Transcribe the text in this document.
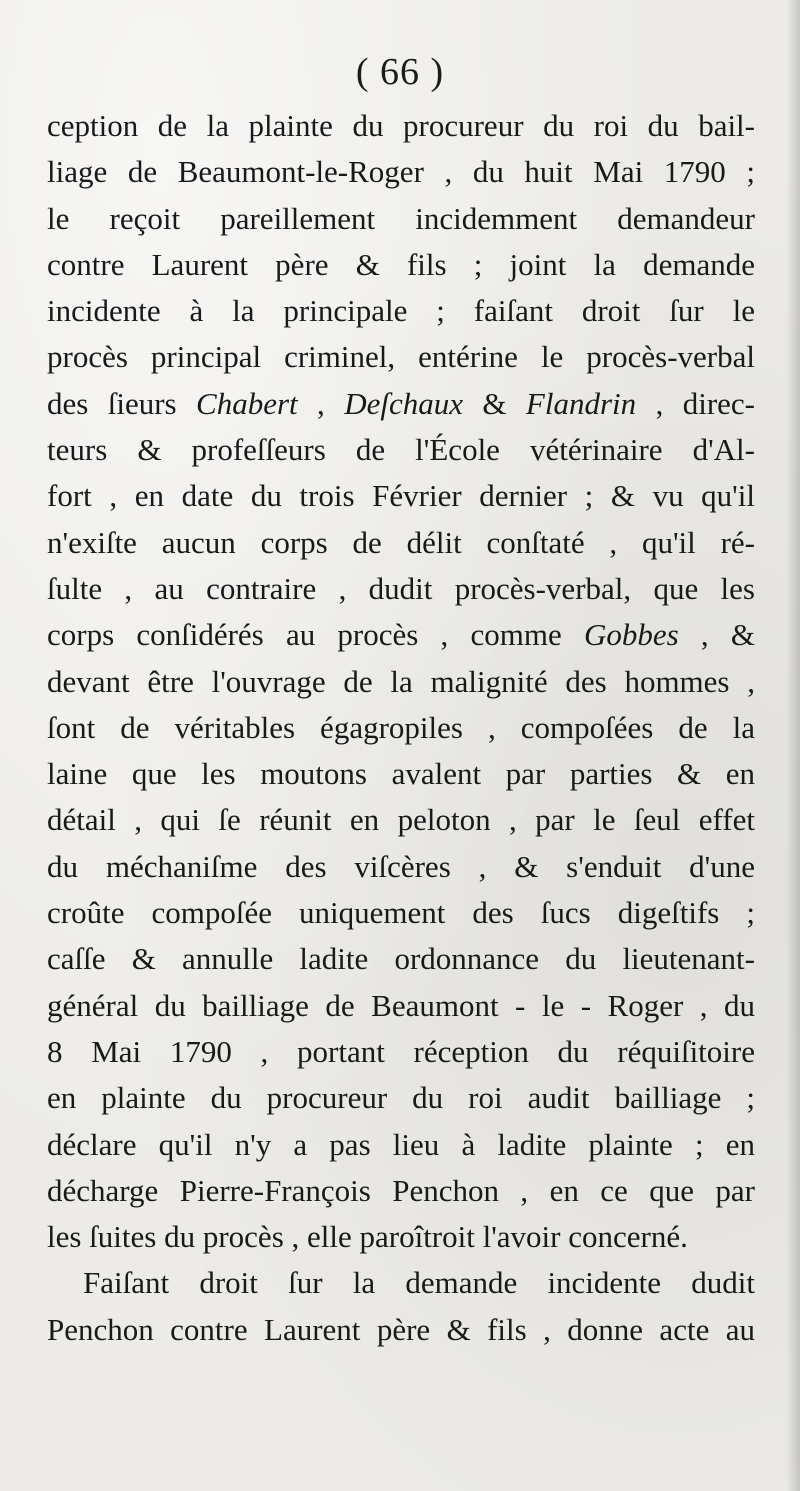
( 66 )
ception de la plainte du procureur du roi du bail-
liage de Beaumont-le-Roger , du huit Mai 1790 ;
le reçoit pareillement incidemment demandeur
contre Laurent père & fils ; joint la demande
incidente à la principale ; faiſant droit ſur le
procès principal criminel, entérine le procès-verbal
des ſieurs Chabert , Deſchaux & Flandrin , direc-
teurs & profeſſeurs de l'École vétérinaire d'Al-
fort , en date du trois Février dernier ; & vu qu'il
n'exiſte aucun corps de délit conſtaté , qu'il ré-
ſulte , au contraire , dudit procès-verbal, que les
corps conſidérés au procès , comme Gobbes , &
devant être l'ouvrage de la malignité des hommes ,
ſont de véritables égagropiles , compoſées de la
laine que les moutons avalent par parties & en
détail , qui ſe réunit en peloton , par le ſeul effet
du méchaniſme des viſcères , & s'enduit d'une
croûte compoſée uniquement des ſucs digeſtifs ;
caſſe & annulle ladite ordonnance du lieutenant-
général du bailliage de Beaumont - le - Roger , du
8 Mai 1790 , portant réception du réquiſitoire
en plainte du procureur du roi audit bailliage ;
déclare qu'il n'y a pas lieu à ladite plainte ; en
décharge Pierre-François Penchon , en ce que par
les ſuites du procès , elle paroîtroit l'avoir concerné.
Faiſant droit ſur la demande incidente dudit
Penchon contre Laurent père & fils , donne acte au
